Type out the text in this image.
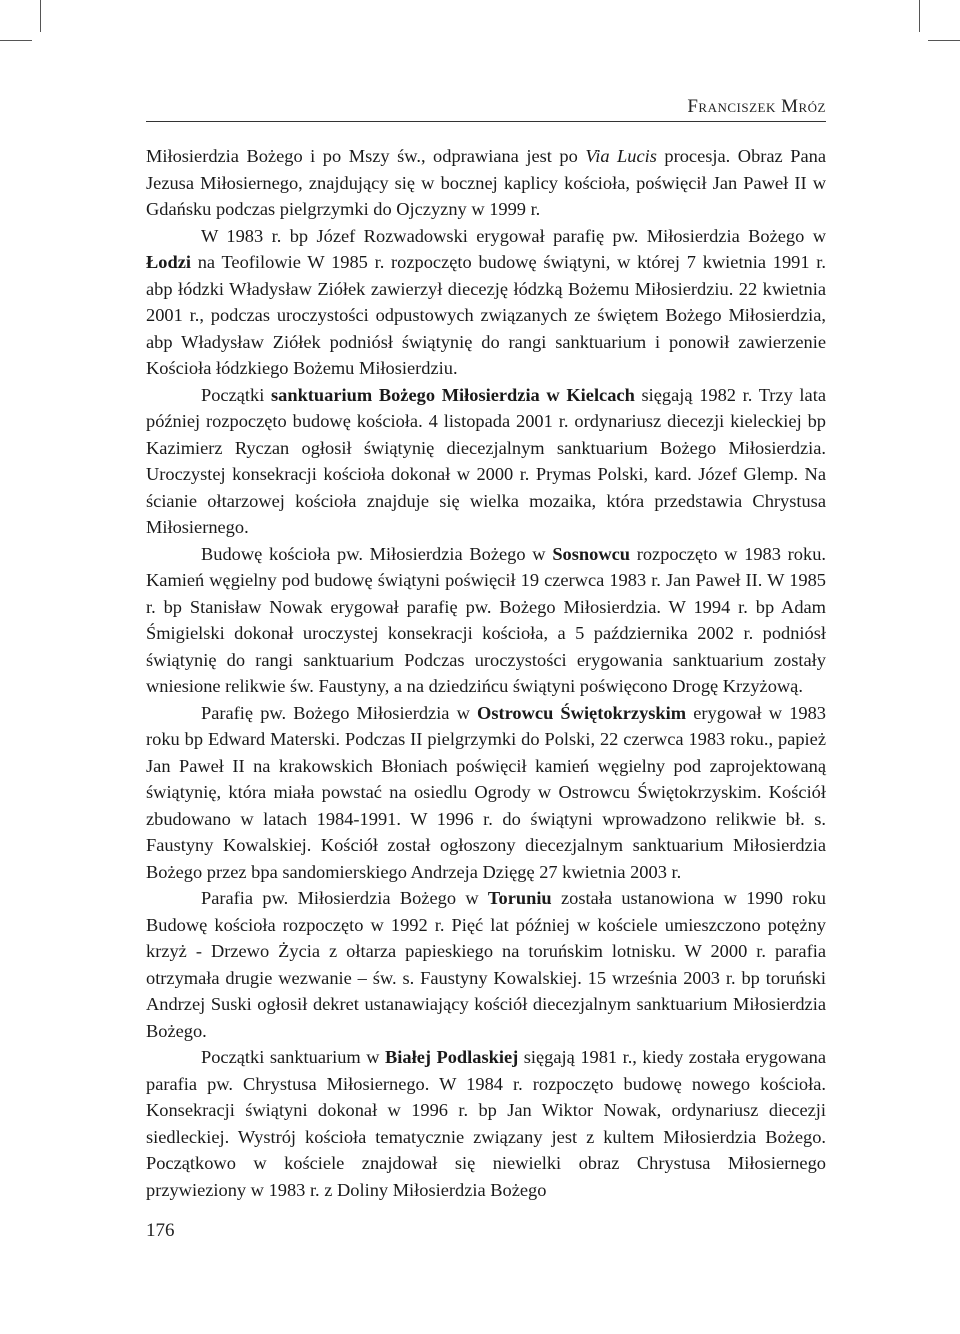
Franciszek Mróz

Miłosierdzia Bożego i po Mszy św., odprawiana jest po Via Lucis procesja. Obraz Pana Jezusa Miłosiernego, znajdujący się w bocznej kaplicy kościoła, poświęcił Jan Paweł II w Gdańsku podczas pielgrzymki do Ojczyzny w 1999 r.

W 1983 r. bp Józef Rozwadowski erygował parafię pw. Miłosierdzia Bożego w Łodzi na Teofilowie W 1985 r. rozpoczęto budowę świątyni, w której 7 kwietnia 1991 r. abp łódzki Władysław Ziółek zawierzył diecezję łódzką Bożemu Miłosierdziu. 22 kwietnia 2001 r., podczas uroczystości odpustowych związanych ze świętem Bożego Miłosierdzia, abp Władysław Ziółek podniósł świątynię do rangi sanktuarium i ponowił zawierzenie Kościoła łódzkiego Bożemu Miłosierdziu.

Początki sanktuarium Bożego Miłosierdzia w Kielcach sięgają 1982 r. Trzy lata później rozpoczęto budowę kościoła. 4 listopada 2001 r. ordynariusz diecezji kieleckiej bp Kazimierz Ryczan ogłosił świątynię diecezjalnym sanktuarium Bożego Miłosierdzia. Uroczystej konsekracji kościoła dokonał w 2000 r. Prymas Polski, kard. Józef Glemp. Na ścianie ołtarzowej kościoła znajduje się wielka mozaika, która przedstawia Chrystusa Miłosiernego.

Budowę kościoła pw. Miłosierdzia Bożego w Sosnowcu rozpoczęto w 1983 roku. Kamień węgielny pod budowę świątyni poświęcił 19 czerwca 1983 r. Jan Paweł II. W 1985 r. bp Stanisław Nowak erygował parafię pw. Bożego Miłosierdzia. W 1994 r. bp Adam Śmigielski dokonał uroczystej konsekracji kościoła, a 5 października 2002 r. podniósł świątynię do rangi sanktuarium Podczas uroczystości erygowania sanktuarium zostały wniesione relikwie św. Faustyny, a na dziedzińcu świątyni poświęcono Drogę Krzyżową.

Parafię pw. Bożego Miłosierdzia w Ostrowcu Świętokrzyskim erygował w 1983 roku bp Edward Materski. Podczas II pielgrzymki do Polski, 22 czerwca 1983 roku., papież Jan Paweł II na krakowskich Błoniach poświęcił kamień węgielny pod zaprojektowaną świątynię, która miała powstać na osiedlu Ogrody w Ostrowcu Świętokrzyskim. Kościół zbudowano w latach 1984-1991. W 1996 r. do świątyni wprowadzono relikwie bł. s. Faustyny Kowalskiej. Kościół został ogłoszony diecezjalnym sanktuarium Miłosierdzia Bożego przez bpa sandomierskiego Andrzeja Dzięgę 27 kwietnia 2003 r.

Parafia pw. Miłosierdzia Bożego w Toruniu została ustanowiona w 1990 roku Budowę kościoła rozpoczęto w 1992 r. Pięć lat później w kościele umieszczono potężny krzyż - Drzewo Życia z ołtarza papieskiego na toruńskim lotnisku. W 2000 r. parafia otrzymała drugie wezwanie – św. s. Faustyny Kowalskiej. 15 września 2003 r. bp toruński Andrzej Suski ogłosił dekret ustanawiający kościół diecezjalnym sanktuarium Miłosierdzia Bożego.

Początki sanktuarium w Białej Podlaskiej sięgają 1981 r., kiedy została erygowana parafia pw. Chrystusa Miłosiernego. W 1984 r. rozpoczęto budowę nowego kościoła. Konsekracji świątyni dokonał w 1996 r. bp Jan Wiktor Nowak, ordynariusz diecezji siedleckiej. Wystrój kościoła tematycznie związany jest z kultem Miłosierdzia Bożego. Początkowo w kościele znajdował się niewielki obraz Chrystusa Miłosiernego przywieziony w 1983 r. z Doliny Miłosierdzia Bożego

176
